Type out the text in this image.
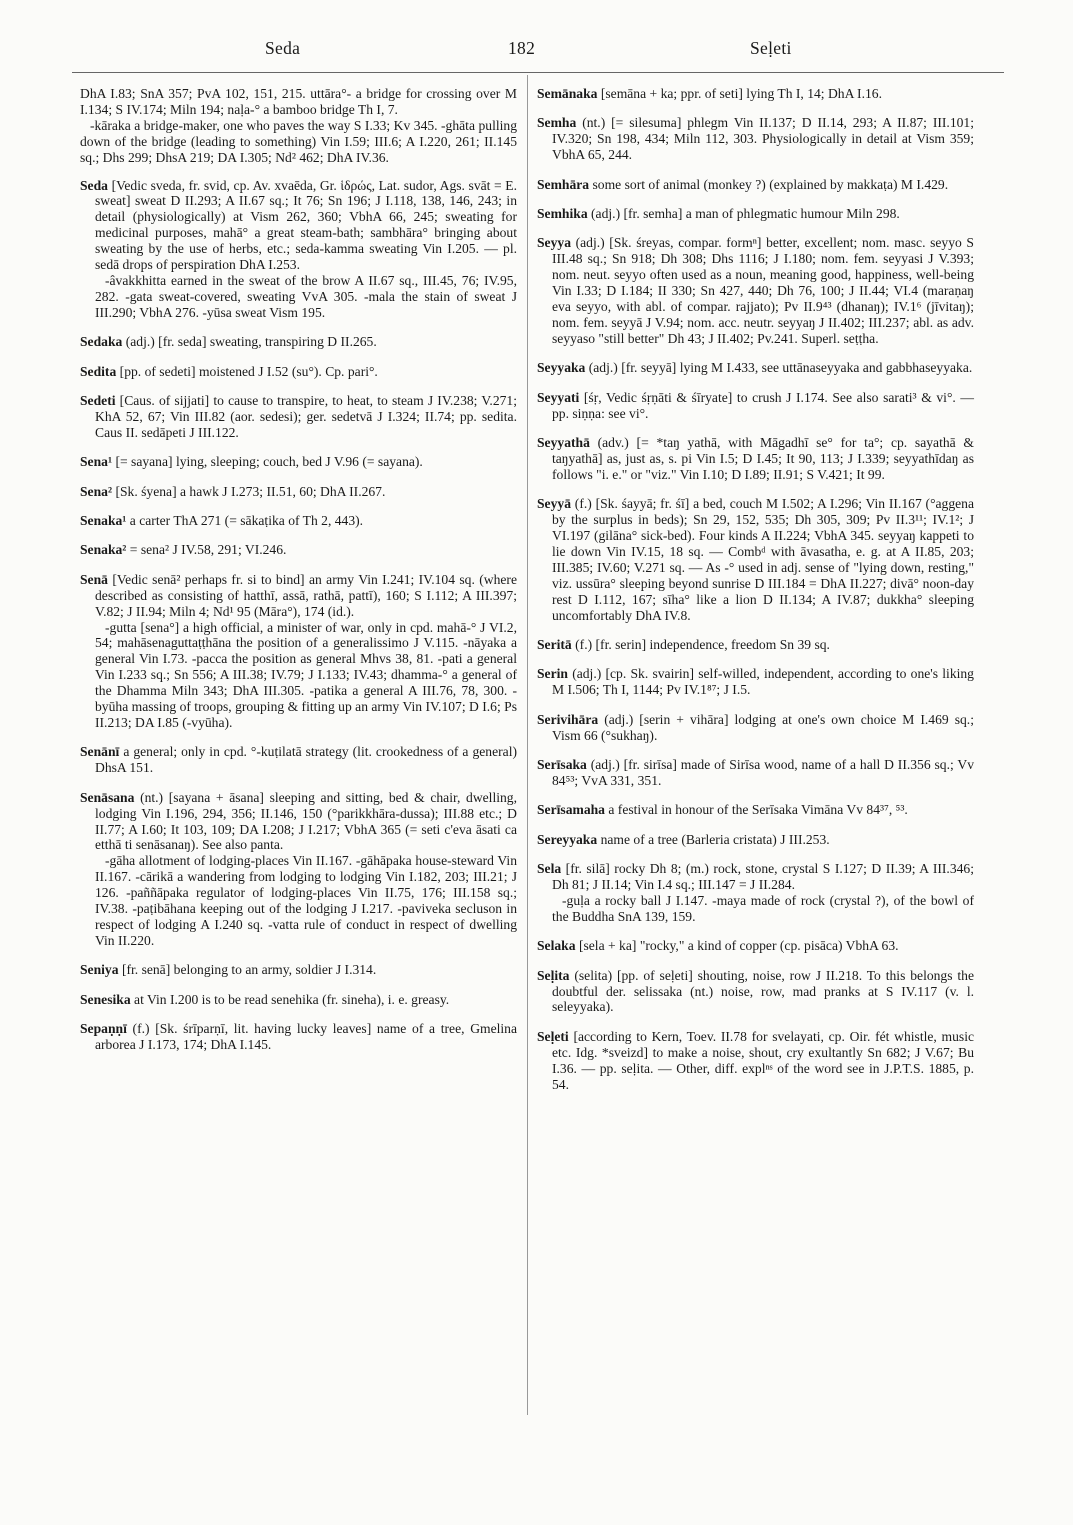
Seda	182	Seḷeti
DhA I.83; SnA 357; PvA 102, 151, 215. uttāra°- a bridge for crossing over M I.134; S IV.174; Miln 194; naḷa-° a bamboo bridge Th I, 7.
-kāraka a bridge-maker, one who paves the way S I.33; Kv 345. -ghāta pulling down of the bridge (leading to something) Vin I.59; III.6; A I.220, 261; II.145 sq.; Dhs 299; DhsA 219; DA I.305; Nd² 462; DhA IV.36.
Seda [Vedic sveda, fr. svid, cp. Av. xvaēda, Gr. ἱδρώς, Lat. sudor, Ags. svāt = E. sweat] sweat D II.293; A II.67 sq.; It 76; Sn 196; J I.118, 138, 146, 243; in detail (physiologically) at Vism 262, 360; VbhA 66, 245; sweating for medicinal purposes, mahā° a great steam-bath; sambhāra° bringing about sweating by the use of herbs, etc.; seda-kamma sweating Vin I.205. — pl. sedā drops of perspiration DhA I.253.
-âvakkhitta earned in the sweat of the brow A II.67 sq., III.45, 76; IV.95, 282. -gata sweat-covered, sweating VvA 305. -mala the stain of sweat J III.290; VbhA 276. -yūsa sweat Vism 195.
Sedaka (adj.) [fr. seda] sweating, transpiring D II.265.
Sedita [pp. of sedeti] moistened J I.52 (su°). Cp. pari°.
Sedeti [Caus. of sijjati] to cause to transpire, to heat, to steam J IV.238; V.271; KhA 52, 67; Vin III.82 (aor. sedesi); ger. sedetvā J I.324; II.74; pp. sedita. Caus II. sedāpeti J III.122.
Sena¹ [= sayana] lying, sleeping; couch, bed J V.96 (= sayana).
Sena² [Sk. śyena] a hawk J I.273; II.51, 60; DhA II.267.
Senaka¹ a carter ThA 271 (= sākaṭika of Th 2, 443).
Senaka² = sena² J IV.58, 291; VI.246.
Senā [Vedic senā² perhaps fr. si to bind] an army Vin I.241; IV.104 sq. (where described as consisting of hatthī, assā, rathā, pattī), 160; S I.112; A III.397; V.82; J II.94; Miln 4; Nd¹ 95 (Māra°), 174 (id.).
-gutta [sena°] a high official, a minister of war, only in cpd. mahā-° J VI.2, 54; mahāsenaguttaṭṭhāna the position of a generalissimo J V.115. -nāyaka a general Vin I.73. -pacca the position as general Mhvs 38, 81. -pati a general Vin I.233 sq.; Sn 556; A III.38; IV.79; J I.133; IV.43; dhamma-° a general of the Dhamma Miln 343; DhA III.305. -patika a general A III.76, 78, 300. -byūha massing of troops, grouping & fitting up an army Vin IV.107; D I.6; Ps II.213; DA I.85 (-vyūha).
Senānī a general; only in cpd. °-kuṭilatā strategy (lit. crookedness of a general) DhsA 151.
Senāsana (nt.) [sayana + āsana] sleeping and sitting, bed & chair, dwelling, lodging Vin I.196, 294, 356; II.146, 150 (°parikkhāra-dussa); III.88 etc.; D II.77; A I.60; It 103, 109; DA I.208; J I.217; VbhA 365 (= seti c'eva āsati ca etthā ti senāsanaŋ). See also panta.
-gāha allotment of lodging-places Vin II.167. -gāhāpaka house-steward Vin II.167. -cārikā a wandering from lodging to lodging Vin I.182, 203; III.21; J 126. -paññāpaka regulator of lodging-places Vin II.75, 176; III.158 sq.; IV.38. -paṭibāhana keeping out of the lodging J I.217. -paviveka secluson in respect of lodging A I.240 sq. -vatta rule of conduct in respect of dwelling Vin II.220.
Seniya [fr. senā] belonging to an army, soldier J I.314.
Senesika at Vin I.200 is to be read senehika (fr. sineha), i. e. greasy.
Sepaṇṇī (f.) [Sk. śrīparṇī, lit. having lucky leaves] name of a tree, Gmelina arborea J I.173, 174; DhA I.145.
Semānaka [semāna + ka; ppr. of seti] lying Th I, 14; DhA I.16.
Semha (nt.) [= silesuma] phlegm Vin II.137; D II.14, 293; A II.87; III.101; IV.320; Sn 198, 434; Miln 112, 303. Physiologically in detail at Vism 359; VbhA 65, 244.
Semhāra some sort of animal (monkey ?) (explained by makkaṭa) M I.429.
Semhika (adj.) [fr. semha] a man of phlegmatic humour Miln 298.
Seyya (adj.) [Sk. śreyas, compar. formⁿ] better, excellent; nom. masc. seyyo S III.48 sq.; Sn 918; Dh 308; Dhs 1116; J I.180; nom. fem. seyyasi J V.393; nom. neut. seyyo often used as a noun, meaning good, happiness, well-being Vin I.33; D I.184; II 330; Sn 427, 440; Dh 76, 100; J II.44; VI.4 (maraṇaŋ eva seyyo, with abl. of compar. rajjato); Pv II.9⁴³ (dhanaŋ); IV.1⁶ (jīvitaŋ); nom. fem. seyyā J V.94; nom. acc. neutr. seyyaŋ J II.402; III.237; abl. as adv. seyyaso "still better" Dh 43; J II.402; Pv.241. Superl. seṭṭha.
Seyyaka (adj.) [fr. seyyā] lying M I.433, see uttānaseyyaka and gabbhaseyyaka.
Seyyati [śṛ, Vedic śṛṇāti & śīryate] to crush J I.174. See also sarati³ & vi°. — pp. siṇṇa: see vi°.
Seyyathā (adv.) [= *taŋ yathā, with Māgadhī se° for ta°; cp. sayathā & taŋyathā] as, just as, s. pi Vin I.5; D I.45; It 90, 113; J I.339; seyyathīdaŋ as follows "i. e." or "viz." Vin I.10; D I.89; II.91; S V.421; It 99.
Seyyā (f.) [Sk. śayyā; fr. śī] a bed, couch M I.502; A I.296; Vin II.167 (°aggena by the surplus in beds); Sn 29, 152, 535; Dh 305, 309; Pv II.3¹¹; IV.1²; J VI.197 (gilāna° sick-bed). Four kinds A II.224; VbhA 345. seyyaŋ kappeti to lie down Vin IV.15, 18 sq. — Combᵈ with āvasatha, e. g. at A II.85, 203; III.385; IV.60; V.271 sq. — As -° used in adj. sense of "lying down, resting," viz. ussūra° sleeping beyond sunrise D III.184 = DhA II.227; divā° noon-day rest D I.112, 167; sīha° like a lion D II.134; A IV.87; dukkha° sleeping uncomfortably DhA IV.8.
Seritā (f.) [fr. serin] independence, freedom Sn 39 sq.
Serin (adj.) [cp. Sk. svairin] self-willed, independent, according to one's liking M I.506; Th I, 1144; Pv IV.1⁸⁷; J I.5.
Serivihāra (adj.) [serin + vihāra] lodging at one's own choice M I.469 sq.; Vism 66 (°sukhaŋ).
Serīsaka (adj.) [fr. sirīsa] made of Sirīsa wood, name of a hall D II.356 sq.; Vv 84⁵³; VvA 331, 351.
Serīsamaha a festival in honour of the Serīsaka Vimāna Vv 84³⁷, ⁵³.
Sereyyaka name of a tree (Barleria cristata) J III.253.
Sela [fr. silā] rocky Dh 8; (m.) rock, stone, crystal S I.127; D II.39; A III.346; Dh 81; J II.14; Vin I.4 sq.; III.147 = J II.284.
-guḷa a rocky ball J I.147. -maya made of rock (crystal ?), of the bowl of the Buddha SnA 139, 159.
Selaka [sela + ka] "rocky," a kind of copper (cp. pisāca) VbhA 63.
Seḷita (selita) [pp. of seḷeti] shouting, noise, row J II.218. To this belongs the doubtful der. selissaka (nt.) noise, row, mad pranks at S IV.117 (v. l. seleyyaka).
Seḷeti [according to Kern, Toev. II.78 for svelayati, cp. Oir. fét whistle, music etc. Idg. *sveizd] to make a noise, shout, cry exultantly Sn 682; J V.67; Bu I.36. — pp. seḷita. — Other, diff. explⁿˢ of the word see in J.P.T.S. 1885, p. 54.
